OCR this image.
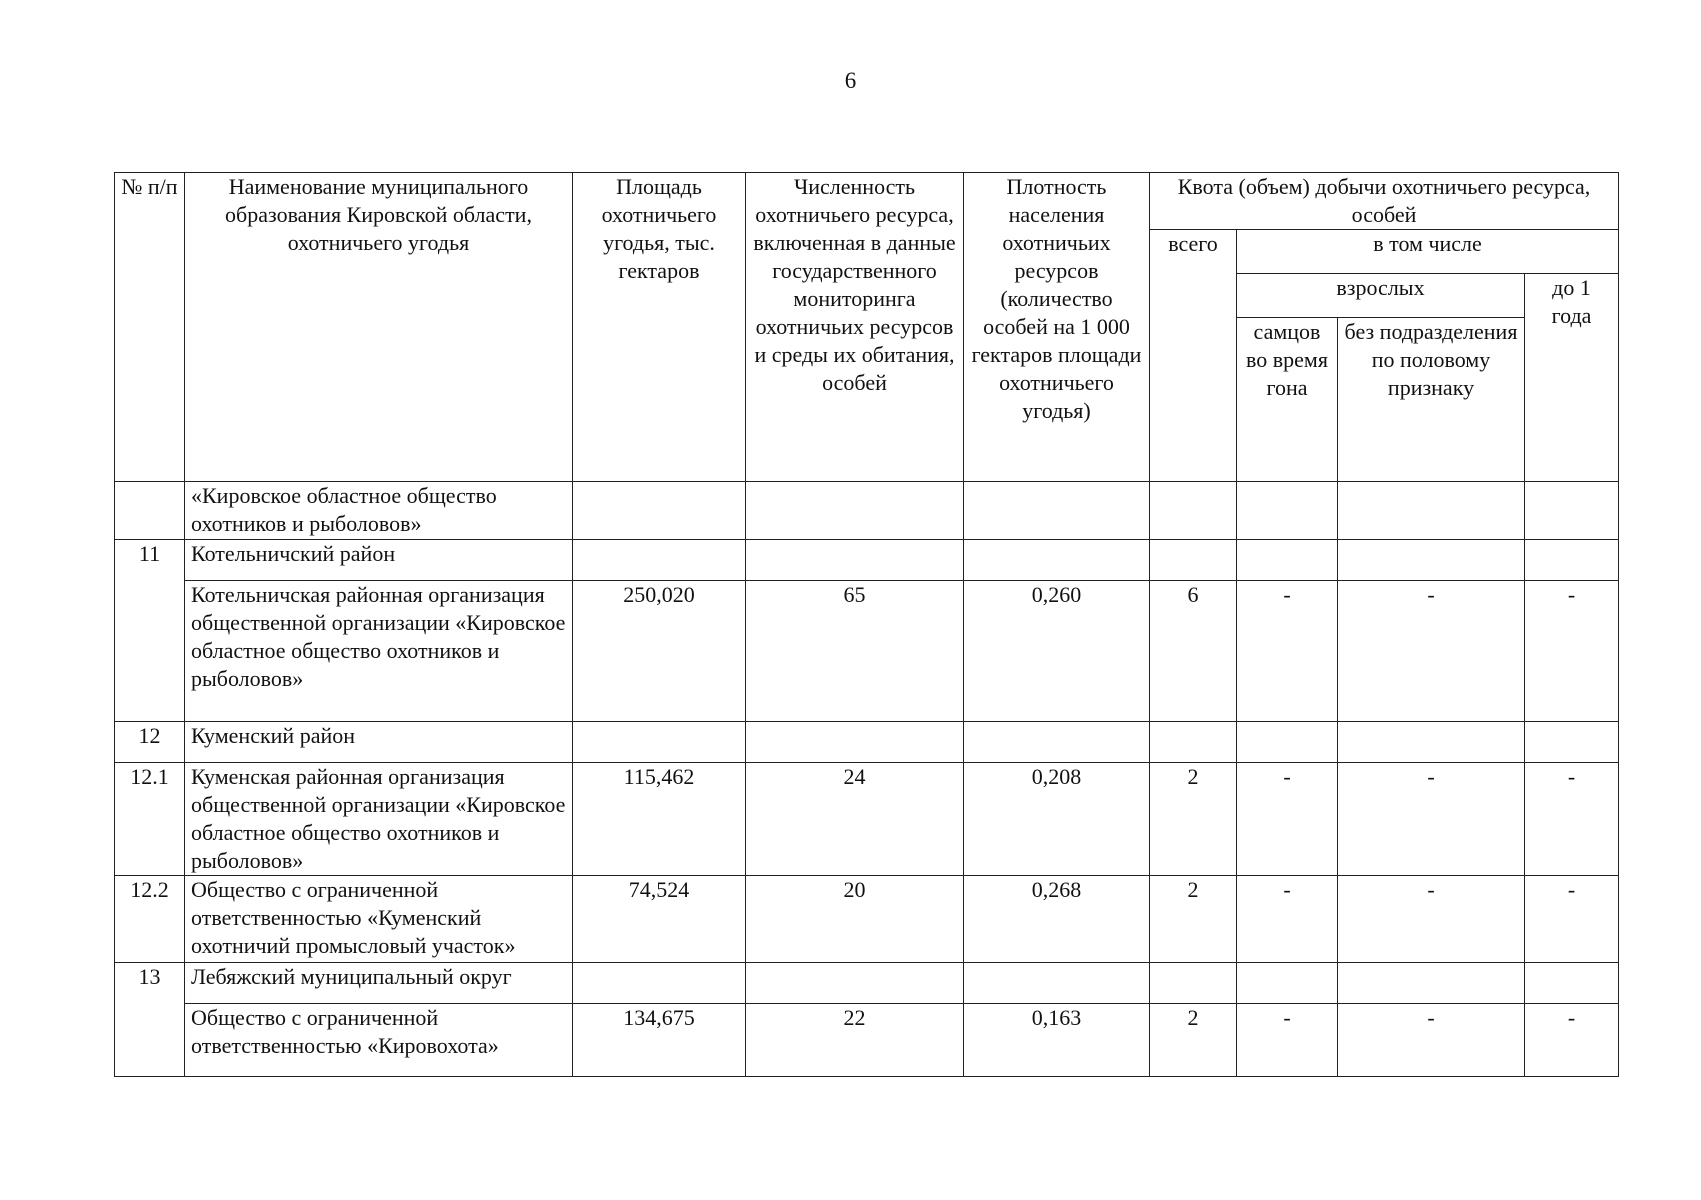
6
№ п/п	Наименование муниципального образования Кировской области, охотничьего угодья	Площадь охотничьего угодья, тыс. гектаров	Численность охотничьего ресурса, включенная в данные государственного мониторинга охотничьих ресурсов и среды их обитания, особей	Плотность населения охотничьих ресурсов (количество особей на 1 000 гектаров площади охотничьего угодья)	Квота (объем) добычи охотничьего ресурса, особей			
					всего	в том числе		
						взрослых		до 1 года
						самцов во время гона	без подразделения по половому признаку	
	«Кировское областное общество охотников и рыболовов»							
11	Котельничский район							
	Котельничская районная организация общественной организации «Кировское областное общество охотников и рыболовов»	250,020	65	0,260	6	-	-	-
12	Куменский район							
12.1	Куменская районная организация общественной организации «Кировское областное общество охотников и рыболовов»	115,462	24	0,208	2	-	-	-
12.2	Общество с ограниченной ответственностью «Куменский охотничий промысловый участок»	74,524	20	0,268	2	-	-	-
13	Лебяжский муниципальный округ							
	Общество с ограниченной ответственностью «Кировохота»	134,675	22	0,163	2	-	-	-
